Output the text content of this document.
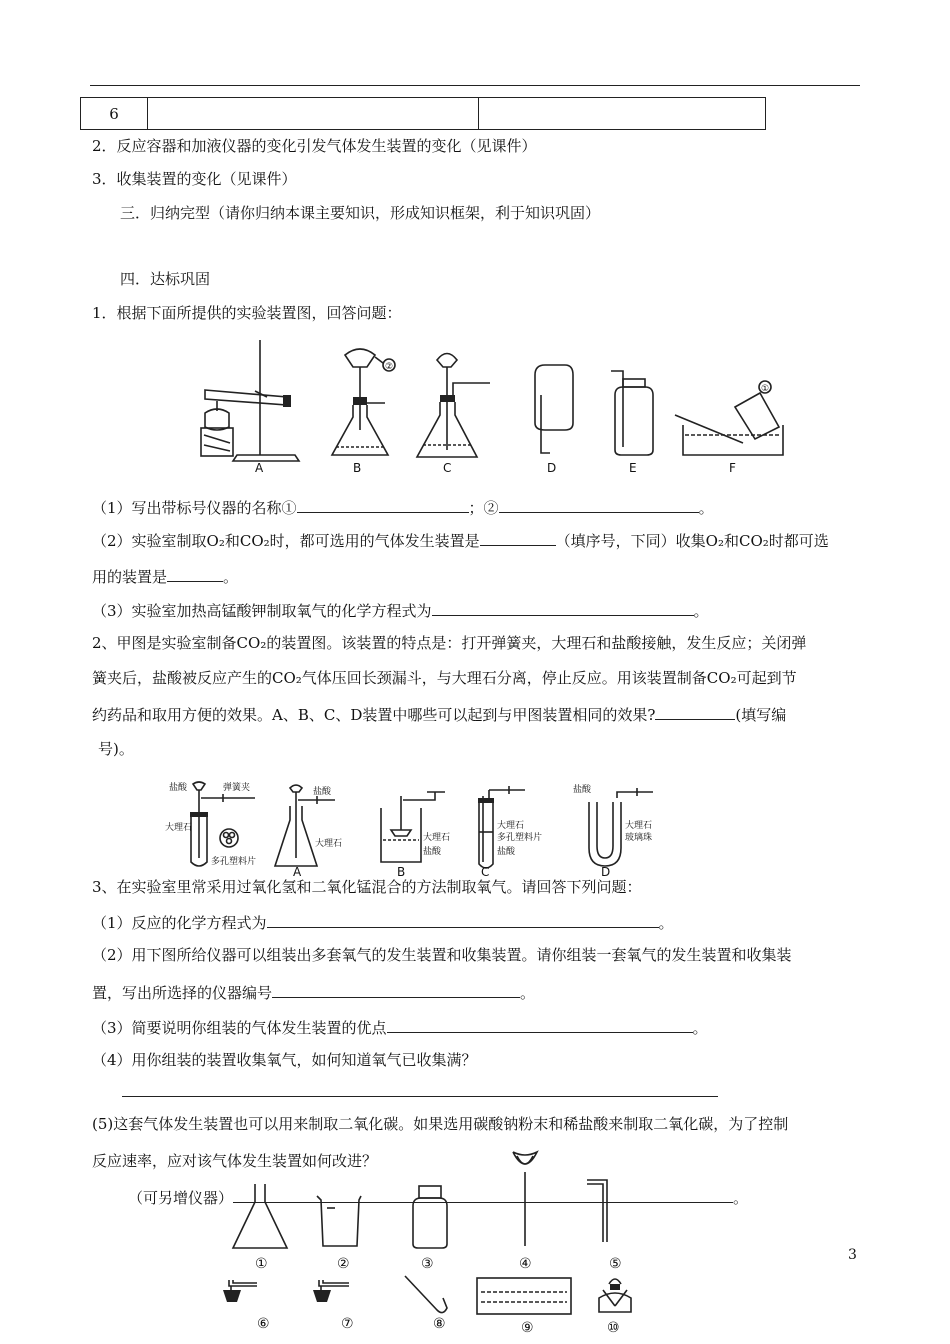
6		
2．反应容器和加液仪器的变化引发气体发生装置的变化（见课件）
3．收集装置的变化（见课件）
三．归纳完型（请你归纳本课主要知识，形成知识框架，利于知识巩固）
四．达标巩固
1．根据下面所提供的实验装置图，回答问题：
A
②
B	C	D	E
①
F
（1）写出带标号仪器的名称①	；②	。
（2）实验室制取O₂和CO₂时，都可选用的气体发生装置是	（填序号，下同）收集O₂和CO₂时都可选
用的装置是	。
（3）实验室加热高锰酸钾制取氧气的化学方程式为	。
2、甲图是实验室制备CO₂的装置图。该装置的特点是：打开弹簧夹，大理石和盐酸接触，发生反应；关闭弹
簧夹后，盐酸被反应产生的CO₂气体压回长颈漏斗，与大理石分离，停止反应。用该装置制备CO₂可起到节
约药品和取用方便的效果。A、B、C、D装置中哪些可以起到与甲图装置相同的效果?	(填写编
号)。
盐酸	弹簧夹
大理石
多孔塑料片
盐酸
大理石
A
大理石
盐酸
B
大理石
多孔塑料片
盐酸
C
盐酸
大理石
玻璃珠
D
3、在实验室里常采用过氧化氢和二氧化锰混合的方法制取氧气。请回答下列问题：
（1）反应的化学方程式为	。
（2）用下图所给仪器可以组装出多套氧气的发生装置和收集装置。请你组装一套氧气的发生装置和收集装
置，写出所选择的仪器编号	。
（3）简要说明你组装的气体发生装置的优点	。
（4）用你组装的装置收集氧气，如何知道氧气已收集满？
(5)这套气体发生装置也可以用来制取二氧化碳。如果选用碳酸钠粉末和稀盐酸来制取二氧化碳，为了控制
反应速率，应对该气体发生装置如何改进？
（可另增仪器）	。
①	②	③	④	⑤
⑥	⑦	⑧	⑨	⑩
3
